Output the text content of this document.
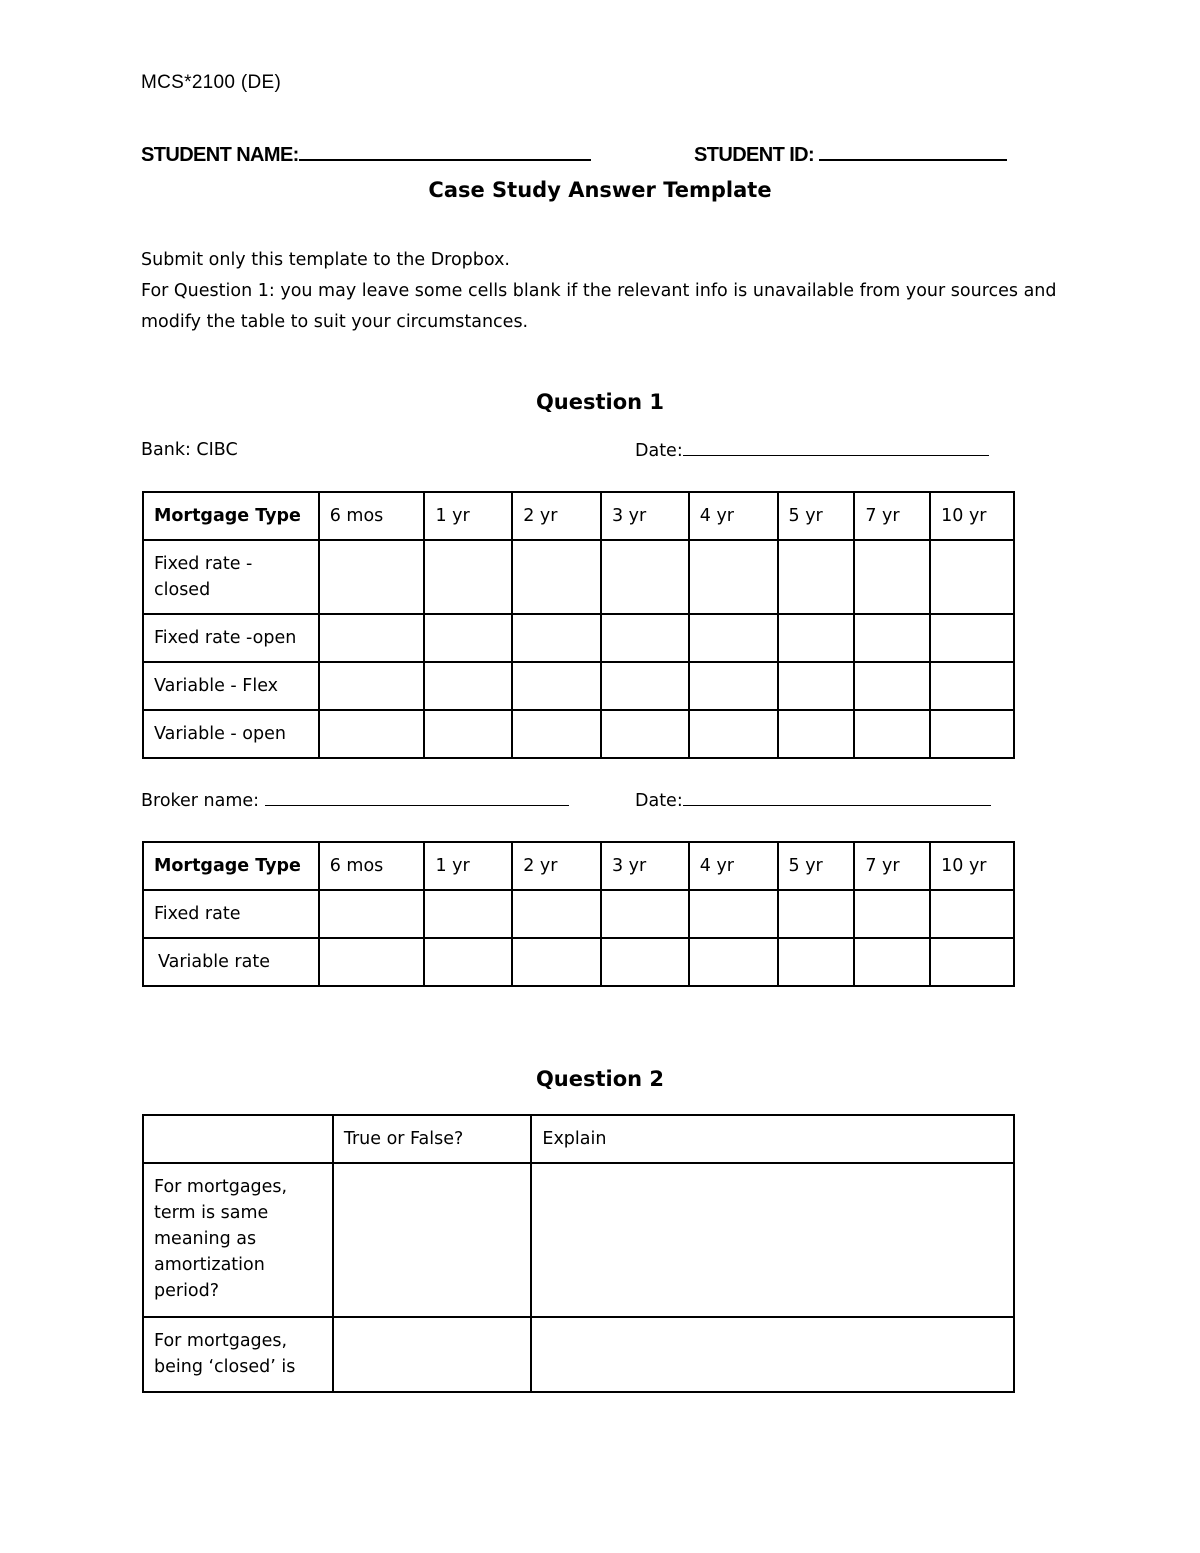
MCS*2100 (DE)
STUDENT NAME:	STUDENT ID:
Case Study Answer Template
Submit only this template to the Dropbox.
For Question 1: you may leave some cells blank if the relevant info is unavailable from your sources and modify the table to suit your circumstances.
Question 1
Bank: CIBC	Date:
Mortgage Type	6 mos	1 yr	2 yr	3 yr	4 yr	5 yr	7 yr	10 yr
Fixed rate - closed								
Fixed rate -open								
Variable - Flex								
Variable - open								
Broker name:	Date:
Mortgage Type	6 mos	1 yr	2 yr	3 yr	4 yr	5 yr	7 yr	10 yr
Fixed rate								
Variable rate								
Question 2
	True or False?	Explain
For mortgages, term is same meaning as amortization period?		
For mortgages, being ‘closed’ is		
